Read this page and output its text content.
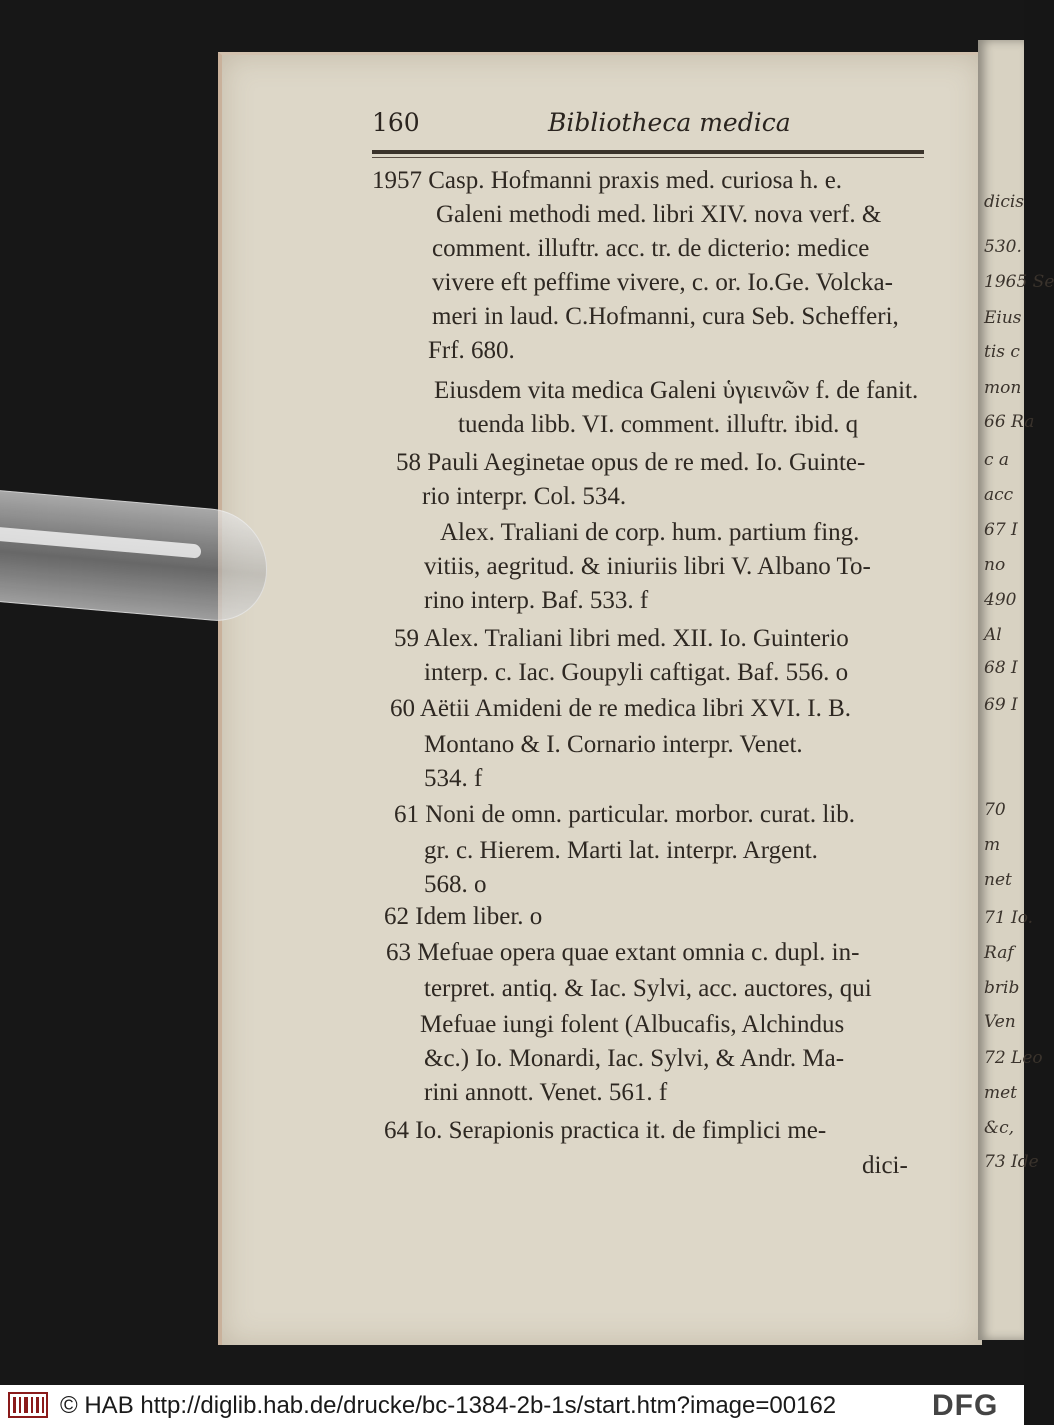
dicis
530.
1965 Se
Eius
tis c
mon
66 Ra
c a
acc
67 I
no
490
Al
68 I
69 I
70
m
net
71 Io.
Raf
brib
Ven
72 Leo
met
&c,
73 Ide
160	Bibliotheca medica
1957 Casp. Hofmanni praxis med. curiosa h. e.
Galeni methodi med. libri XIV. nova verf. &
comment. illuftr. acc. tr. de dicterio: medice
vivere eft peffime vivere, c. or. Io.Ge. Volcka-
meri in laud. C.Hofmanni, cura Seb. Schefferi,
Frf. 680.
Eiusdem vita medica Galeni ὑγιεινῶν f. de fanit.
tuenda libb. VI. comment. illuftr. ibid. q
58 Pauli Aeginetae opus de re med. Io. Guinte-
rio interpr. Col. 534.
Alex. Traliani de corp. hum. partium fing.
vitiis, aegritud. & iniuriis libri V. Albano To-
rino interp. Baf. 533. f
59 Alex. Traliani libri med. XII. Io. Guinterio
interp. c. Iac. Goupyli caftigat. Baf. 556. o
60 Aëtii Amideni de re medica libri XVI. I. B.
Montano & I. Cornario interpr. Venet.
534. f
61 Noni de omn. particular. morbor. curat. lib.
gr. c. Hierem. Marti lat. interpr. Argent.
568. o
62 Idem liber. o
63 Mefuae opera quae extant omnia c. dupl. in-
terpret. antiq. & Iac. Sylvi, acc. auctores, qui
Mefuae iungi folent (Albucafis, Alchindus
&c.) Io. Monardi, Iac. Sylvi, & Andr. Ma-
rini annott. Venet. 561. f
64 Io. Serapionis practica it. de fimplici me-
dici-
© HAB http://diglib.hab.de/drucke/bc-1384-2b-1s/start.htm?image=00162	DFG
